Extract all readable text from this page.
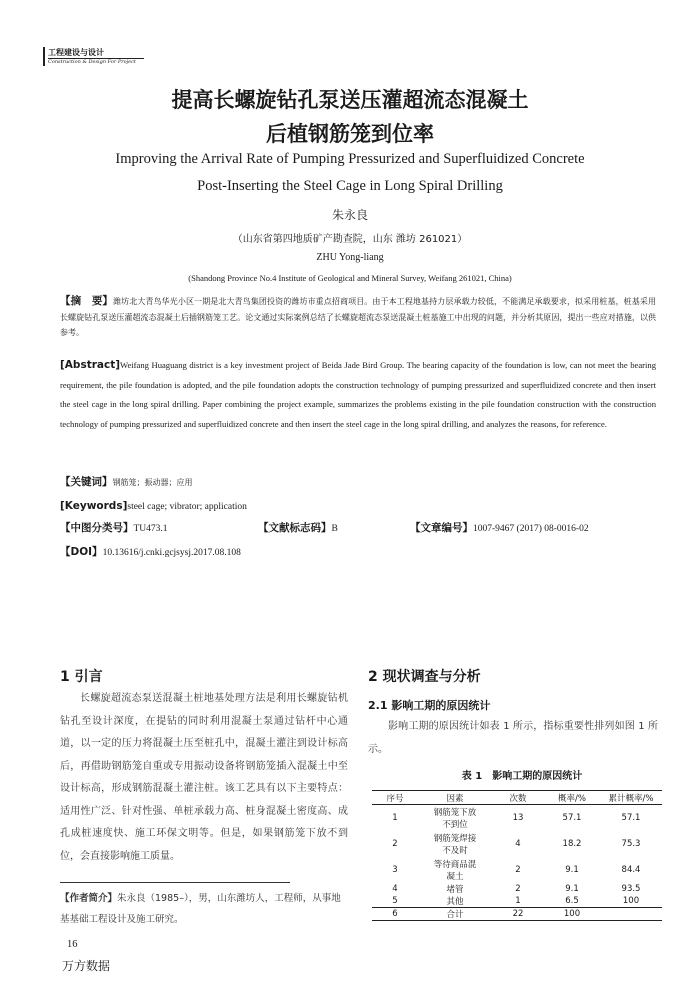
工程建设与设计
Construction & Design For Project
提高长螺旋钻孔泵送压灌超流态混凝土
后植钢筋笼到位率
Improving the Arrival Rate of Pumping Pressurized and Superfluidized Concrete
Post-Inserting the Steel Cage in Long Spiral Drilling
朱永良
（山东省第四地质矿产勘查院，山东 潍坊 261021）
ZHU Yong-liang
(Shandong Province No.4 Institute of Geological and Mineral Survey, Weifang 261021, China)
【摘　要】潍坊北大青鸟华光小区一期是北大青鸟集团投资的潍坊市重点招商项目。由于本工程地基持力层承载力较低，不能满足承载要求，拟采用桩基，桩基采用长螺旋钻孔泵送压灌超流态混凝土后插钢筋笼工艺。论文通过实际案例总结了长螺旋超流态泵送混凝土桩基施工中出现的问题，并分析其原因，提出一些应对措施，以供参考。
[Abstract]Weifang Huaguang district is a key investment project of Beida Jade Bird Group. The bearing capacity of the foundation is low, can not meet the bearing requirement, the pile foundation is adopted, and the pile foundation adopts the construction technology of pumping pressurized and superfluidized concrete and then insert the steel cage in the long spiral drilling. Paper combining the project example, summarizes the problems existing in the pile foundation construction with the construction technology of pumping pressurized and superfluidized concrete and then insert the steel cage in the long spiral drilling, and analyzes the reasons, for reference.
【关键词】钢筋笼；振动器；应用
[Keywords]steel cage; vibrator; application
【中图分类号】TU473.1	【文献标志码】B	【文章编号】1007-9467 (2017) 08-0016-02
【DOI】10.13616/j.cnki.gcjsysj.2017.08.108
1 引言
长螺旋超流态泵送混凝土桩地基处理方法是利用长螺旋钻机钻孔至设计深度，在提钻的同时利用混凝土泵通过钻杆中心通道，以一定的压力将混凝土压至桩孔中，混凝土灌注到设计标高后，再借助钢筋笼自重或专用振动设备将钢筋笼插入混凝土中至设计标高，形成钢筋混凝土灌注桩。该工艺具有以下主要特点：适用性广泛、针对性强、单桩承载力高、桩身混凝土密度高、成孔成桩速度快、施工环保文明等。但是，如果钢筋笼下放不到位，会直接影响施工质量。
【作者简介】朱永良（1985–），男，山东潍坊人，工程师，从事地基基础工程设计及施工研究。
16
万方数据
2 现状调查与分析
2.1 影响工期的原因统计
影响工期的原因统计如表 1 所示，指标重要性排列如图 1 所示。
表 1　影响工期的原因统计
序号	因素	次数	概率/%	累计概率/%
1	钢筋笼下放不到位	13	57.1	57.1
2	钢筋笼焊接不及时	4	18.2	75.3
3	等待商品混凝土	2	9.1	84.4
4	堵管	2	9.1	93.5
5	其他	1	6.5	100
6	合计	22	100	
